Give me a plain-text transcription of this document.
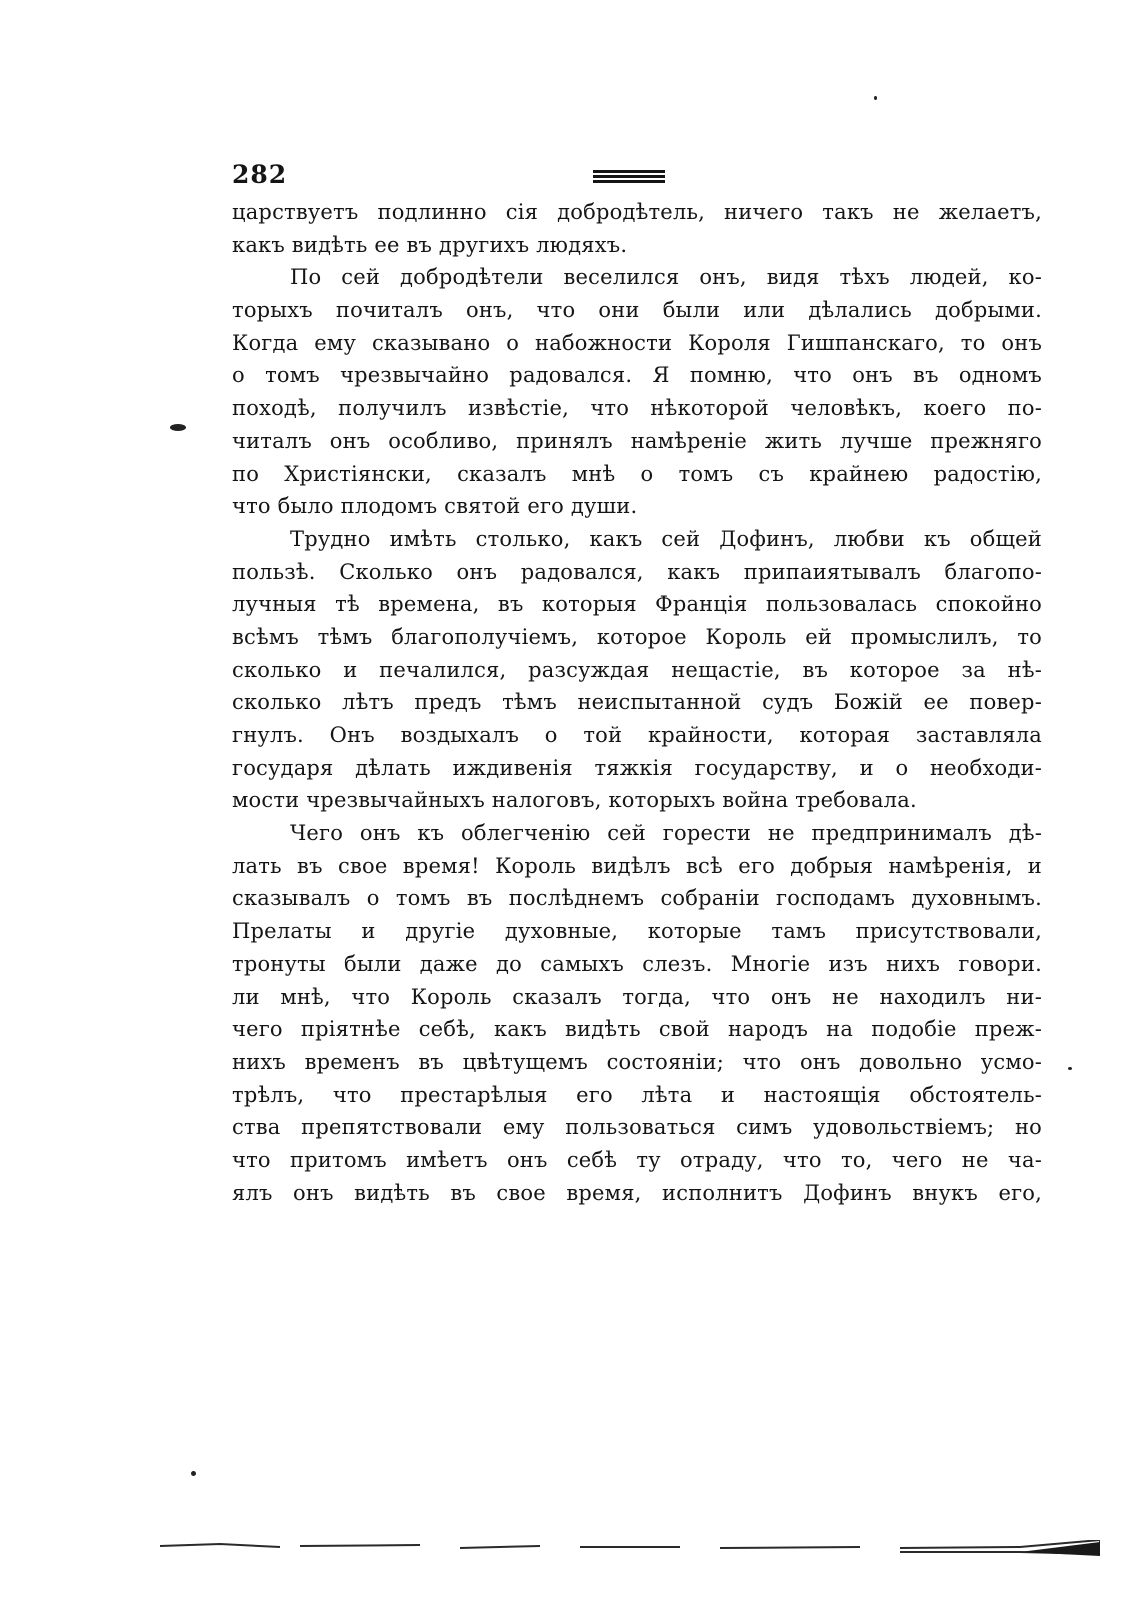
282
царствуетъ подлинно сія добродѣтель, ничего такъ не желаетъ,
какъ видѣть ее въ другихъ людяхъ.
По сей добродѣтели веселился онъ, видя тѣхъ людей, ко-
торыхъ почиталъ онъ, что они были или дѣлались добрыми.
Когда ему сказывано о набожности Короля Гишпанскаго, то онъ
о томъ чрезвычайно радовался. Я помню, что онъ въ одномъ
походѣ, получилъ извѣстіе, что нѣкоторой человѣкъ, коего по-
читалъ онъ особливо, принялъ намѣреніе жить лучше прежняго
по Христіянски, сказалъ мнѣ о томъ съ крайнею радостію,
что было плодомъ святой его души.
Трудно имѣть столько, какъ сей Дофинъ, любви къ общей
пользѣ. Сколько онъ радовался, какъ припаиятывалъ благопо-
лучныя тѣ времена, въ которыя Франція пользовалась спокойно
всѣмъ тѣмъ благополучіемъ, которое Король ей промыслилъ, то
сколько и печалился, разсуждая нещастіе, въ которое за нѣ-
сколько лѣтъ предъ тѣмъ неиспытанной судъ Божій ее повер-
гнулъ. Онъ воздыхалъ о той крайности, которая заставляла
государя дѣлать иждивенія тяжкія государству, и о необходи-
мости чрезвычайныхъ налоговъ, которыхъ война требовала.
Чего онъ къ облегченію сей горести не предпринималъ дѣ-
лать въ свое время! Король видѣлъ всѣ его добрыя намѣренія, и
сказывалъ о томъ въ послѣднемъ собраніи господамъ духовнымъ.
Прелаты и другіе духовные, которые тамъ присутствовали,
тронуты были даже до самыхъ слезъ. Многіе изъ нихъ говори.
ли мнѣ, что Король сказалъ тогда, что онъ не находилъ ни-
чего пріятнѣе себѣ, какъ видѣть свой народъ на подобіе преж-
нихъ временъ въ цвѣтущемъ состояніи; что онъ довольно усмо-
трѣлъ, что престарѣлыя его лѣта и настоящія обстоятель-
ства препятствовали ему пользоваться симъ удовольствіемъ; но
что притомъ имѣетъ онъ себѣ ту отраду, что то, чего не ча-
ялъ онъ видѣть въ свое время, исполнитъ Дофинъ внукъ его,
